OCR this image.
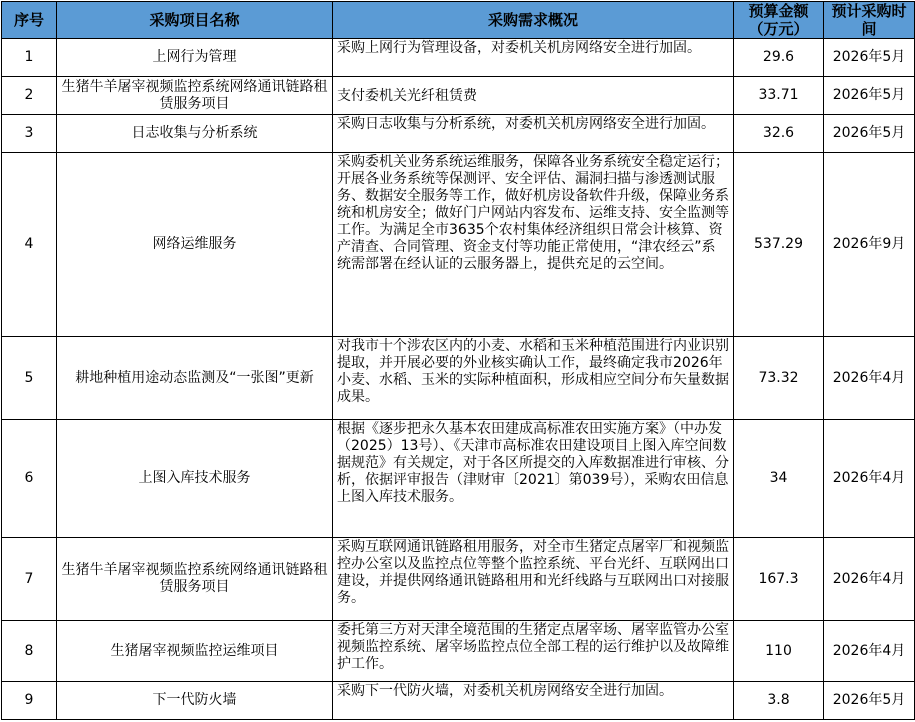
序号	采购项目名称	采购需求概况	预算金额（万元）	预计采购时间

1	上网行为管理	采购上网行为管理设备，对委机关机房网络安全进行加固。	29.6	2026年5月
2	生猪牛羊屠宰视频监控系统网络通讯链路租赁服务项目	支付委机关光纤租赁费	33.71	2026年5月
3	日志收集与分析系统	采购日志收集与分析系统，对委机关机房网络安全进行加固。	32.6	2026年5月
4	网络运维服务	采购委机关业务系统运维服务，保障各业务系统安全稳定运行；开展各业务系统等保测评、安全评估、漏洞扫描与渗透测试服务、数据安全服务等工作，做好机房设备软件升级，保障业务系统和机房安全；做好门户网站内容发布、运维支持、安全监测等工作。为满足全市3635个农村集体经济组织日常会计核算、资产清查、合同管理、资金支付等功能正常使用，“津农经云”系统需部署在经认证的云服务器上，提供充足的云空间。	537.29	2026年9月
5	耕地种植用途动态监测及“一张图”更新	对我市十个涉农区内的小麦、水稻和玉米种植范围进行内业识别提取，并开展必要的外业核实确认工作，最终确定我市2026年小麦、水稻、玉米的实际种植面积，形成相应空间分布矢量数据成果。	73.32	2026年4月
6	上图入库技术服务	根据《逐步把永久基本农田建成高标准农田实施方案》（中办发（2025）13号）、《天津市高标准农田建设项目上图入库空间数据规范》有关规定，对于各区所提交的入库数据准进行审核、分析，依据评审报告（津财审〔2021〕第039号），采购农田信息上图入库技术服务。	34	2026年4月
7	生猪牛羊屠宰视频监控系统网络通讯链路租赁服务项目	采购互联网通讯链路租用服务，对全市生猪定点屠宰厂和视频监控办公室以及监控点位等整个监控系统、平台光纤、互联网出口建设，并提供网络通讯链路租用和光纤线路与互联网出口对接服务。	167.3	2026年4月
8	生猪屠宰视频监控运维项目	委托第三方对天津全境范围的生猪定点屠宰场、屠宰监管办公室视频监控系统、屠宰场监控点位全部工程的运行维护以及故障维护工作。	110	2026年4月
9	下一代防火墙	采购下一代防火墙，对委机关机房网络安全进行加固。	3.8	2026年5月
